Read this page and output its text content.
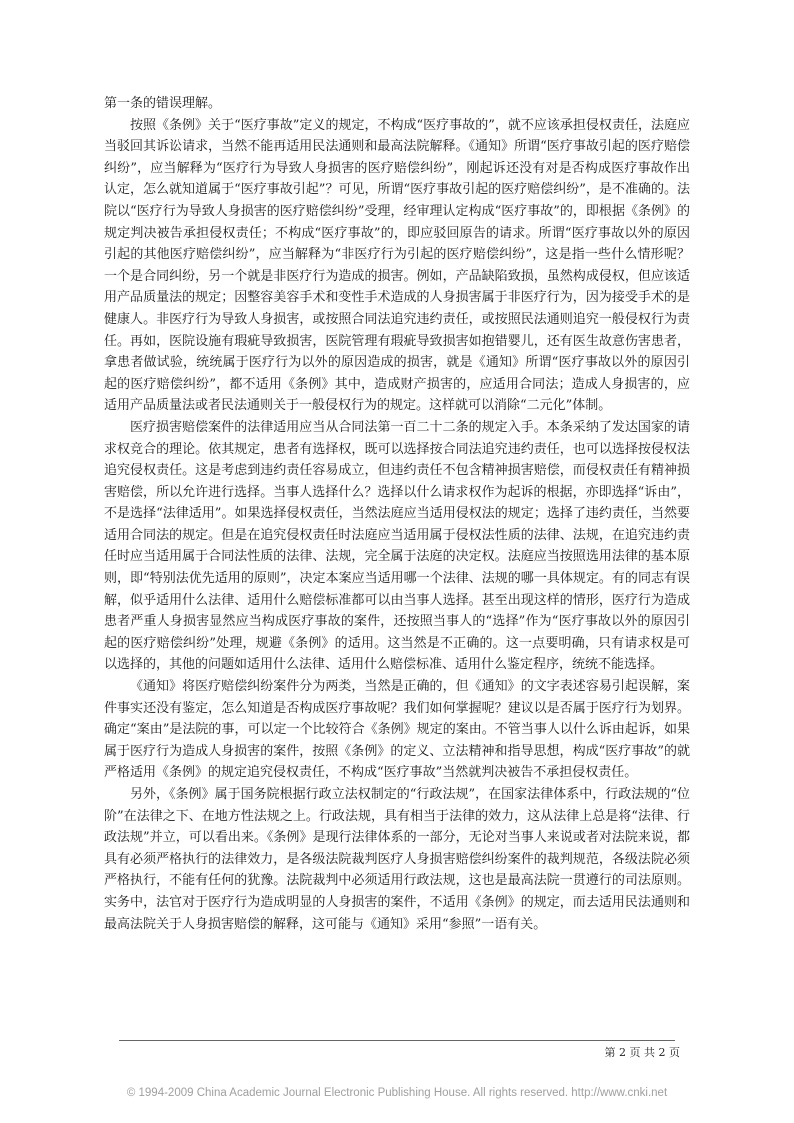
第一条的错误理解。

按照《条例》关于“医疗事故”定义的规定，不构成“医疗事故的”，就不应该承担侵权责任，法庭应当驳回其诉讼请求，当然不能再适用民法通则和最高法院解释。《通知》所谓“医疗事故引起的医疗赔偿纠纷”，应当解释为“医疗行为导致人身损害的医疗赔偿纠纷”，刚起诉还没有对是否构成医疗事故作出认定，怎么就知道属于“医疗事故引起”？可见，所谓“医疗事故引起的医疗赔偿纠纷”，是不准确的。法院以“医疗行为导致人身损害的医疗赔偿纠纷”受理，经审理认定构成“医疗事故”的，即根据《条例》的规定判决被告承担侵权责任；不构成“医疗事故”的，即应驳回原告的请求。所谓“医疗事故以外的原因引起的其他医疗赔偿纠纷”，应当解释为“非医疗行为引起的医疗赔偿纠纷”，这是指一些什么情形呢？一个是合同纠纷，另一个就是非医疗行为造成的损害。例如，产品缺陷致损，虽然构成侵权，但应该适用产品质量法的规定；因整容美容手术和变性手术造成的人身损害属于非医疗行为，因为接受手术的是健康人。非医疗行为导致人身损害，或按照合同法追究违约责任，或按照民法通则追究一般侵权行为责任。再如，医院设施有瑕疵导致损害，医院管理有瑕疵导致损害如抱错婴儿，还有医生故意伤害患者，拿患者做试验，统统属于医疗行为以外的原因造成的损害，就是《通知》所谓“医疗事故以外的原因引起的医疗赔偿纠纷”，都不适用《条例》其中，造成财产损害的，应适用合同法；造成人身损害的，应适用产品质量法或者民法通则关于一般侵权行为的规定。这样就可以消除“二元化”体制。

医疗损害赔偿案件的法律适用应当从合同法第一百二十二条的规定入手。本条采纳了发达国家的请求权竞合的理论。依其规定，患者有选择权，既可以选择按合同法追究违约责任，也可以选择按侵权法追究侵权责任。这是考虑到违约责任容易成立，但违约责任不包含精神损害赔偿，而侵权责任有精神损害赔偿，所以允许进行选择。当事人选择什么？选择以什么请求权作为起诉的根据，亦即选择“诉由”，不是选择“法律适用”。如果选择侵权责任，当然法庭应当适用侵权法的规定；选择了违约责任，当然要适用合同法的规定。但是在追究侵权责任时法庭应当适用属于侵权法性质的法律、法规，在追究违约责任时应当适用属于合同法性质的法律、法规，完全属于法庭的决定权。法庭应当按照选用法律的基本原则，即“特别法优先适用的原则”，决定本案应当适用哪一个法律、法规的哪一具体规定。有的同志有误解，似乎适用什么法律、适用什么赔偿标准都可以由当事人选择。甚至出现这样的情形，医疗行为造成患者严重人身损害显然应当构成医疗事故的案件，还按照当事人的“选择”作为“医疗事故以外的原因引起的医疗赔偿纠纷”处理，规避《条例》的适用。这当然是不正确的。这一点要明确，只有请求权是可以选择的，其他的问题如适用什么法律、适用什么赔偿标准、适用什么鉴定程序，统统不能选择。

《通知》将医疗赔偿纠纷案件分为两类，当然是正确的，但《通知》的文字表述容易引起误解，案件事实还没有鉴定，怎么知道是否构成医疗事故呢？我们如何掌握呢？建议以是否属于医疗行为划界。确定“案由”是法院的事，可以定一个比较符合《条例》规定的案由。不管当事人以什么诉由起诉，如果属于医疗行为造成人身损害的案件，按照《条例》的定义、立法精神和指导思想，构成“医疗事故”的就严格适用《条例》的规定追究侵权责任，不构成“医疗事故”当然就判决被告不承担侵权责任。

另外，《条例》属于国务院根据行政立法权制定的“行政法规”，在国家法律体系中，行政法规的“位阶”在法律之下、在地方性法规之上。行政法规，具有相当于法律的效力，这从法律上总是将“法律、行政法规”并立，可以看出来。《条例》是现行法律体系的一部分，无论对当事人来说或者对法院来说，都具有必须严格执行的法律效力，是各级法院裁判医疗人身损害赔偿纠纷案件的裁判规范，各级法院必须严格执行，不能有任何的犹豫。法院裁判中必须适用行政法规，这也是最高法院一贯遵行的司法原则。实务中，法官对于医疗行为造成明显的人身损害的案件，不适用《条例》的规定，而去适用民法通则和最高法院关于人身损害赔偿的解释，这可能与《通知》采用“参照”一语有关。

第 2 页 共 2 页
© 1994-2009 China Academic Journal Electronic Publishing House. All rights reserved. http://www.cnki.net
